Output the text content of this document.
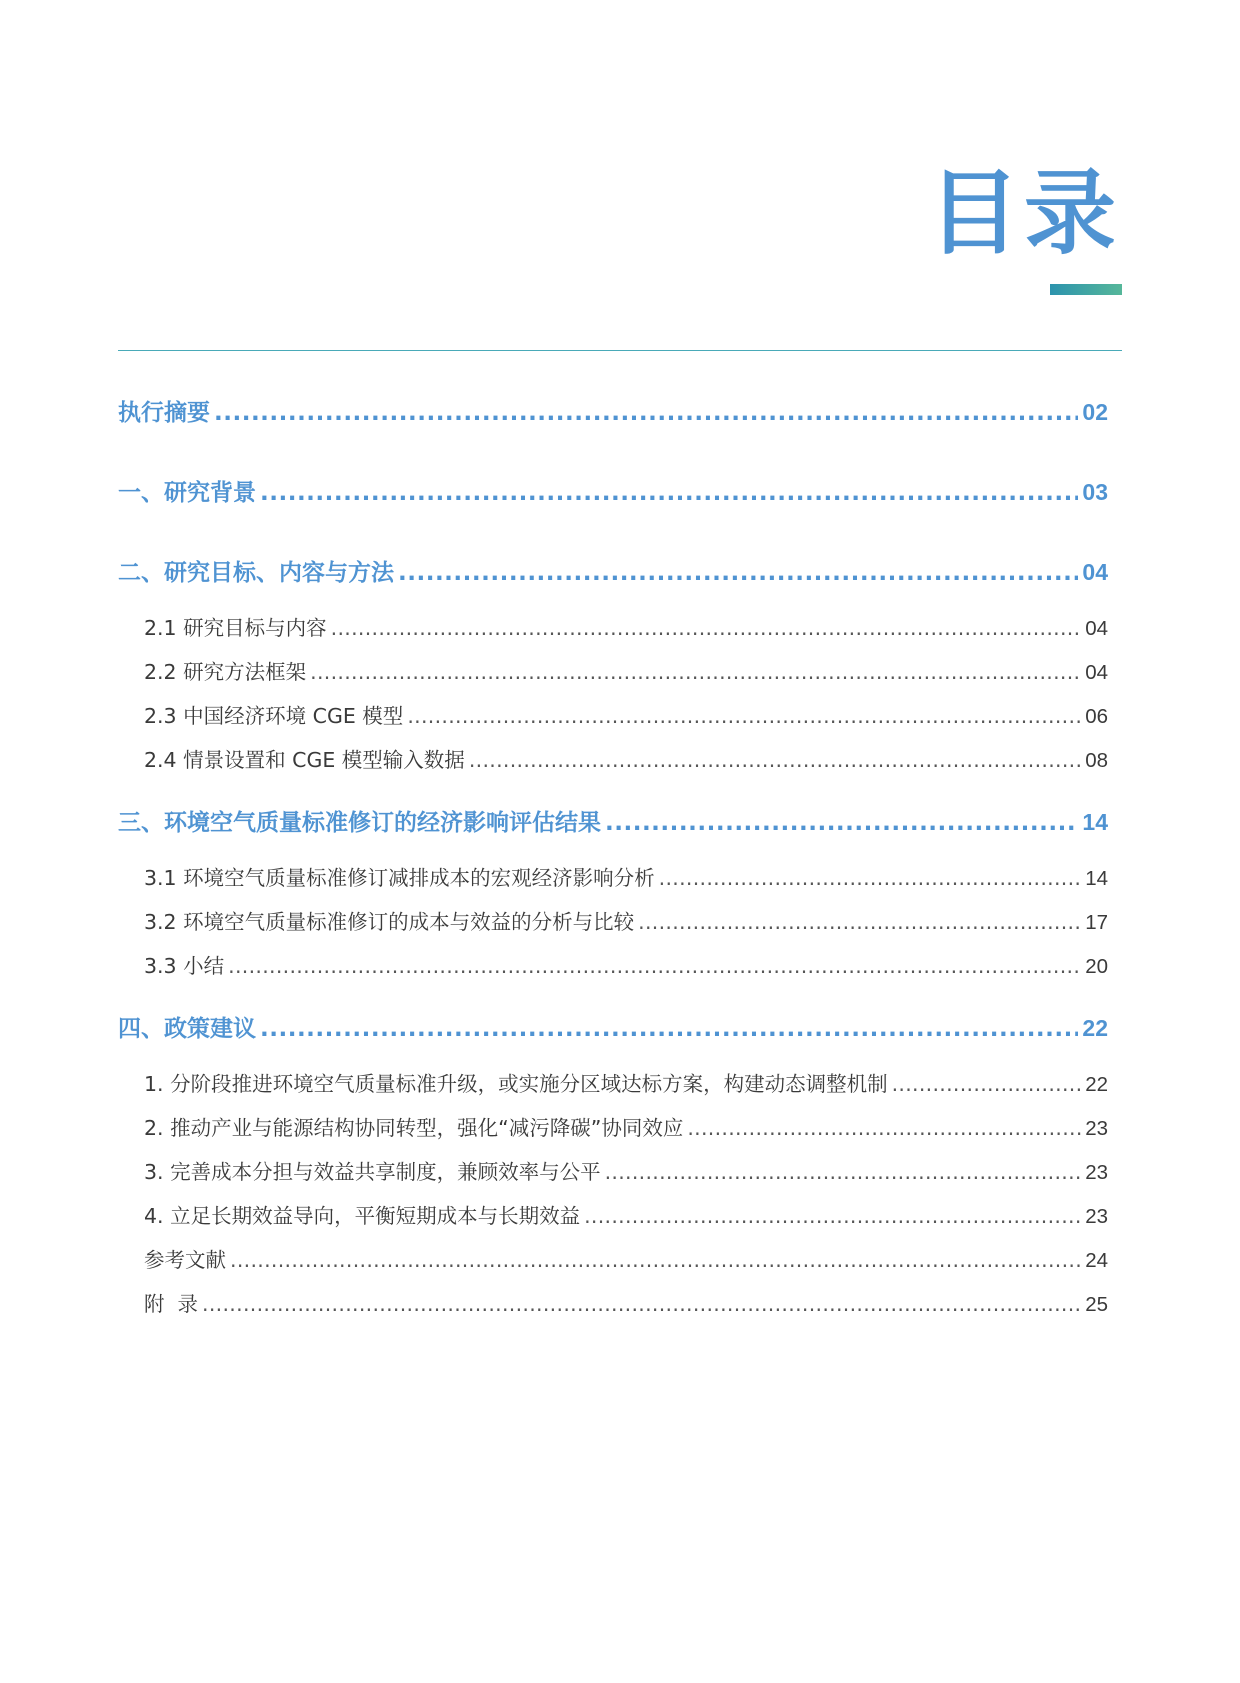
目录
执行摘要 .....	02
一、研究背景 .....	03
二、研究目标、内容与方法 .....	04
2.1 研究目标与内容 .....	04
2.2 研究方法框架 .....	04
2.3 中国经济环境 CGE 模型 .....	06
2.4 情景设置和 CGE 模型输入数据 .....	08
三、环境空气质量标准修订的经济影响评估结果 .....	14
3.1 环境空气质量标准修订减排成本的宏观经济影响分析 .....	14
3.2 环境空气质量标准修订的成本与效益的分析与比较 .....	17
3.3 小结 .....	20
四、政策建议 .....	22
1. 分阶段推进环境空气质量标准升级，或实施分区域达标方案，构建动态调整机制 .....	22
2. 推动产业与能源结构协同转型，强化“减污降碳”协同效应 .....	23
3. 完善成本分担与效益共享制度，兼顾效率与公平 .....	23
4. 立足长期效益导向，平衡短期成本与长期效益 .....	23
参考文献 .....	24
附  录 .....	25
